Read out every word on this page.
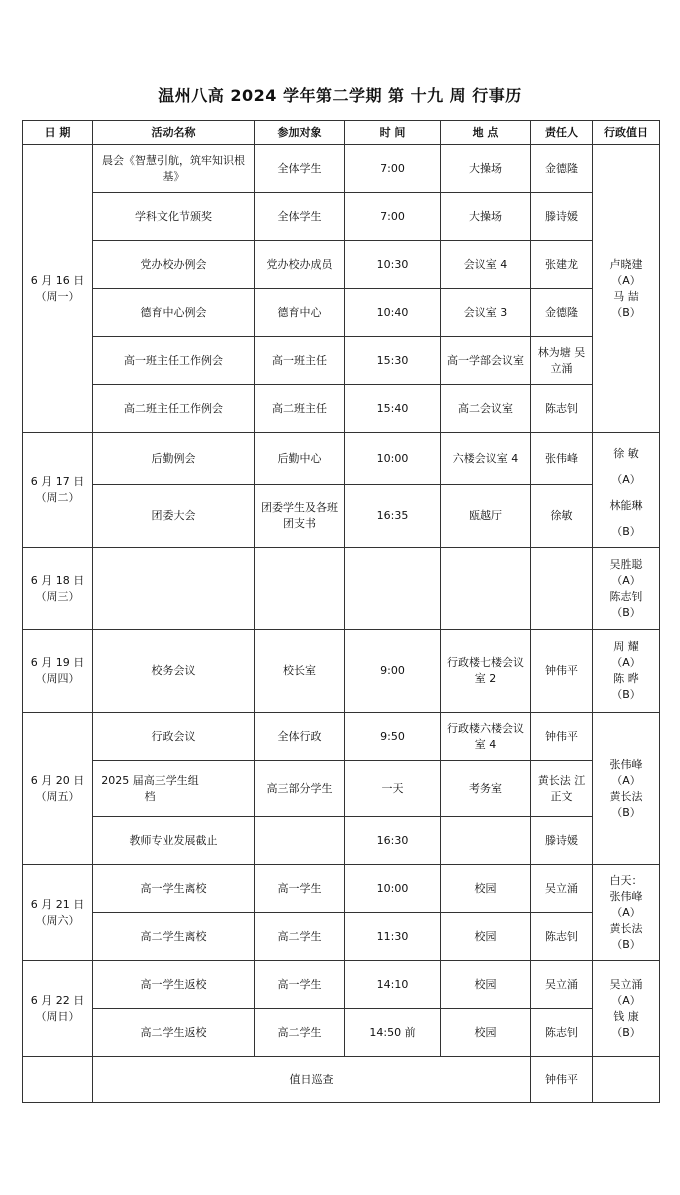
温州八高 2024 学年第二学期 第 十九 周 行事历
日 期	活动名称	参加对象	时 间	地 点	责任人	行政值日

6 月 16 日
（周一）	晨会《智慧引航，筑牢知识根基》	全体学生	7:00	大操场	金德隆	卢晓建
（A）
马 喆
（B）

	学科文化节颁奖	全体学生	7:00	大操场	滕诗媛	
	党办校办例会	党办校办成员	10:30	会议室 4	张建龙	
	德育中心例会	德育中心	10:40	会议室 3	金德隆	
	高一班主任工作例会	高一班主任	15:30	高一学部会议室	林为塘 吴立涌	
	高二班主任工作例会	高二班主任	15:40	高二会议室	陈志钊	

6 月 17 日
（周二）	后勤例会	后勤中心	10:00	六楼会议室 4	张伟峰	徐 敏
（A）
林能琳
（B）

	团委大会	团委学生及各班团支书	16:35	瓯越厅	徐敏	

6 月 18 日
（周三）						吴胜聪
（A）
陈志钊
（B）

6 月 19 日
（周四）	校务会议	校长室	9:00	行政楼七楼会议室 2	钟伟平	周 耀
（A）
陈 晔
（B）

6 月 20 日
（周五）	行政会议	全体行政	9:50	行政楼六楼会议室 4	钟伟平	张伟峰
（A）
黄长法
（B）

	2025 届高三学生组档	高三部分学生	一天	考务室	黄长法 江正文	
	教师专业发展截止		16:30		滕诗媛	

6 月 21 日
（周六）	高一学生离校	高一学生	10:00	校园	吴立涌	白天：
张伟峰
（A）
黄长法
（B）

	高二学生离校	高二学生	11:30	校园	陈志钊	

6 月 22 日
（周日）	高一学生返校	高一学生	14:10	校园	吴立涌	吴立涌
（A）
钱 康
（B）

	高二学生返校	高二学生	14:50 前	校园	陈志钊	
	值日巡查				钟伟平	
